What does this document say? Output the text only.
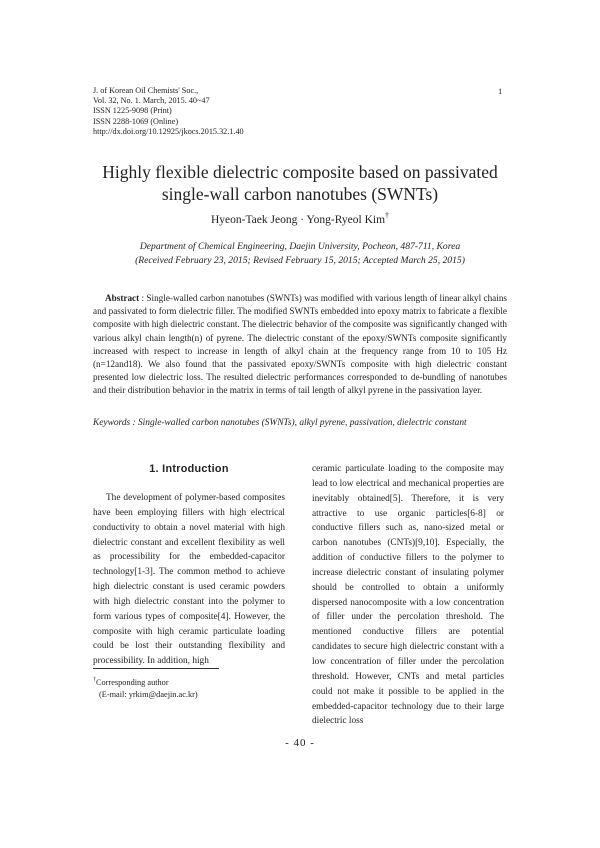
J. of Korean Oil Chemists' Soc.,
Vol. 32, No. 1. March, 2015. 40~47
ISSN 1225-9098 (Print)
ISSN 2288-1069 (Online)
http://dx.doi.org/10.12925/jkocs.2015.32.1.40
1
Highly flexible dielectric composite based on passivated
single-wall carbon nanotubes (SWNTs)
Hyeon-Taek Jeong · Yong-Ryeol Kim†
Department of Chemical Engineering, Daejin University, Pocheon, 487-711, Korea
(Received February 23, 2015; Revised February 15, 2015; Accepted March 25, 2015)
Abstract : Single-walled carbon nanotubes (SWNTs) was modified with various length of linear alkyl chains and passivated to form dielectric filler. The modified SWNTs embedded into epoxy matrix to fabricate a flexible composite with high dielectric constant. The dielectric behavior of the composite was significantly changed with various alkyl chain length(n) of pyrene. The dielectric constant of the epoxy/SWNTs composite significantly increased with respect to increase in length of alkyl chain at the frequency range from 10 to 105 Hz (n=12and18). We also found that the passivated epoxy/SWNTs composite with high dielectric constant presented low dielectric loss. The resulted dielectric performances corresponded to de-bundling of nanotubes and their distribution behavior in the matrix in terms of tail length of alkyl pyrene in the passivation layer.
Keywords : Single-walled carbon nanotubes (SWNTs), alkyl pyrene, passivation, dielectric constant
1. Introduction
The development of polymer-based composites have been employing fillers with high electrical conductivity to obtain a novel material with high dielectric constant and excellent flexibility as well as processibility for the embedded-capacitor technology[1-3]. The common method to achieve high dielectric constant is used ceramic powders with high dielectric constant into the polymer to form various types of composite[4]. However, the composite with high ceramic particulate loading could be lost their outstanding flexibility and processibility. In addition, high
ceramic particulate loading to the composite may lead to low electrical and mechanical properties are inevitably obtained[5]. Therefore, it is very attractive to use organic particles[6-8] or conductive fillers such as, nano-sized metal or carbon nanotubes (CNTs)[9,10]. Especially, the addition of conductive fillers to the polymer to increase dielectric constant of insulating polymer should be controlled to obtain a uniformly dispersed nanocomposite with a low concentration of filler under the percolation threshold. The mentioned conductive fillers are potential candidates to secure high dielectric constant with a low concentration of filler under the percolation threshold. However, CNTs and metal particles could not make it possible to be applied in the embedded-capacitor technology due to their large dielectric loss
†Corresponding author
(E-mail: yrkim@daejin.ac.kr)
- 40 -
